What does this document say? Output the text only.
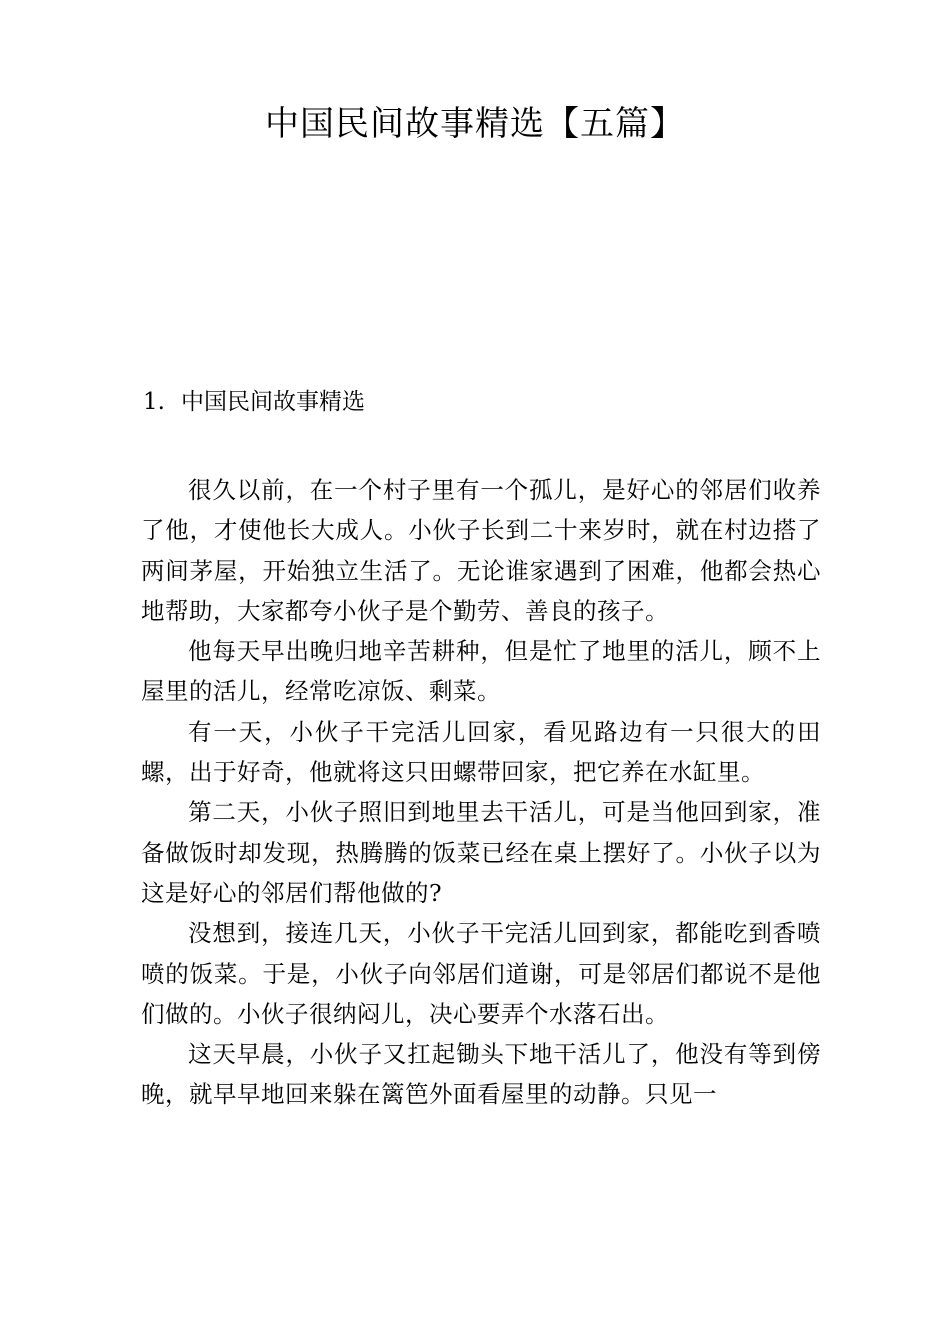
中国民间故事精选【五篇】
1. 中国民间故事精选

很久以前，在一个村子里有一个孤儿，是好心的邻居们收养了他，才使他长大成人。小伙子长到二十来岁时，就在村边搭了两间茅屋，开始独立生活了。无论谁家遇到了困难，他都会热心地帮助，大家都夸小伙子是个勤劳、善良的孩子。

他每天早出晚归地辛苦耕种，但是忙了地里的活儿，顾不上屋里的活儿，经常吃凉饭、剩菜。

有一天，小伙子干完活儿回家，看见路边有一只很大的田螺，出于好奇，他就将这只田螺带回家，把它养在水缸里。

第二天，小伙子照旧到地里去干活儿，可是当他回到家，准备做饭时却发现，热腾腾的饭菜已经在桌上摆好了。小伙子以为这是好心的邻居们帮他做的?

没想到，接连几天，小伙子干完活儿回到家，都能吃到香喷喷的饭菜。于是，小伙子向邻居们道谢，可是邻居们都说不是他们做的。小伙子很纳闷儿，决心要弄个水落石出。

这天早晨，小伙子又扛起锄头下地干活儿了，他没有等到傍晚，就早早地回来躲在篱笆外面看屋里的动静。只见一
